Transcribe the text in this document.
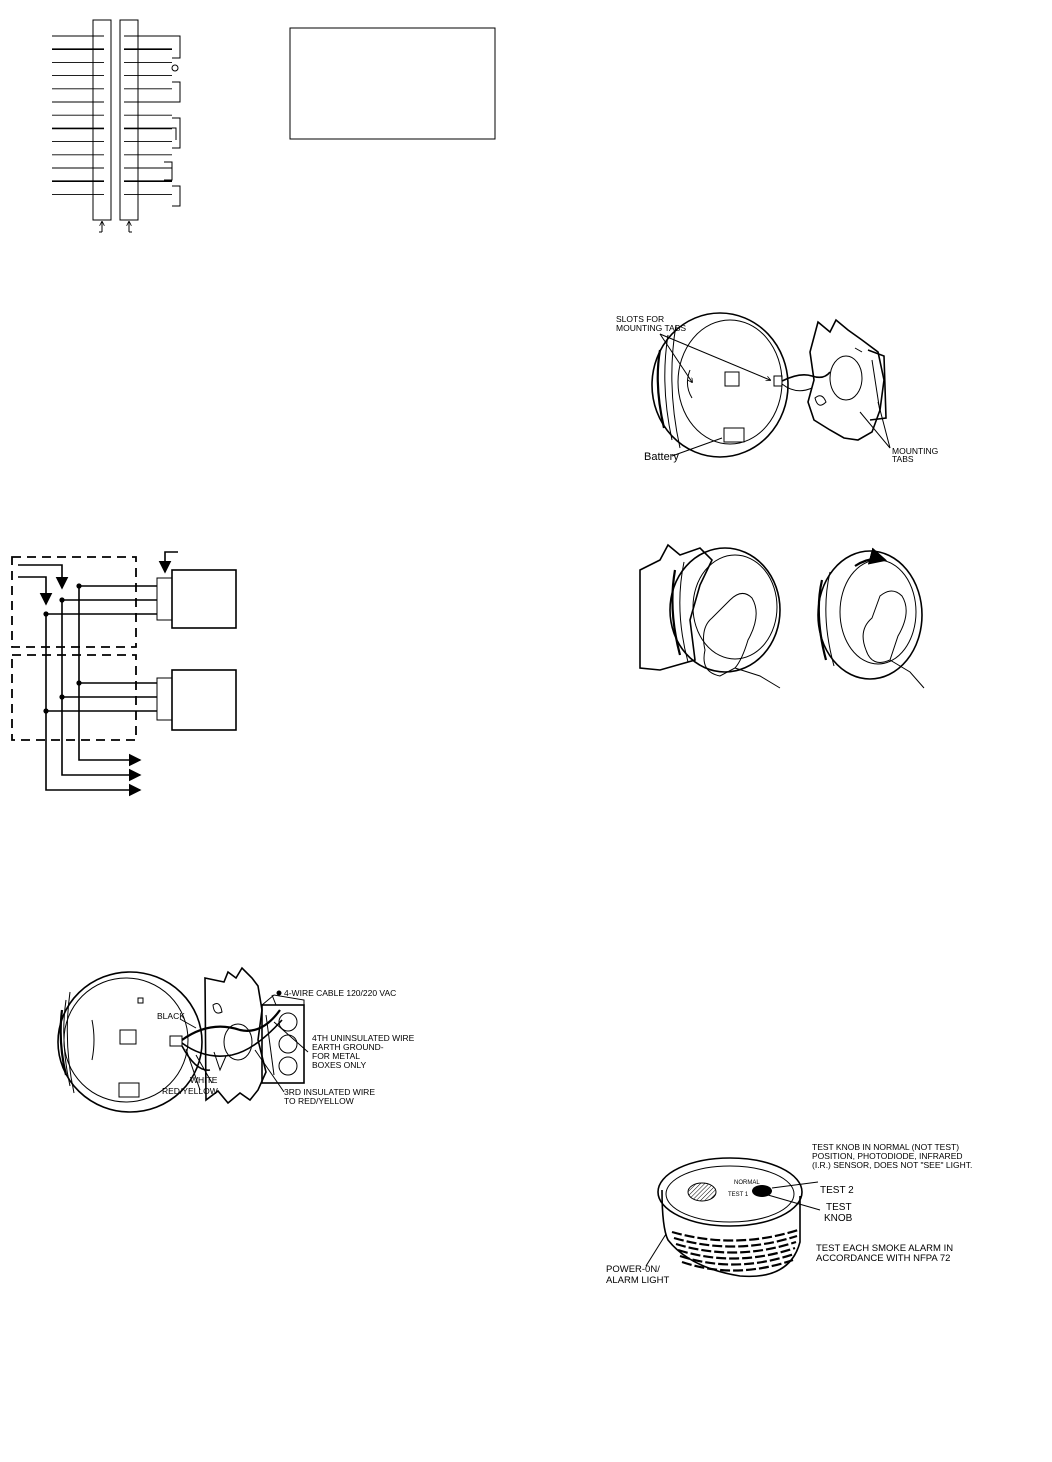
4-WIRE CABLE 120/220 VAC
BLACK
4TH UNINSULATED WIRE
EARTH GROUND-
FOR METAL
BOXES ONLY
WHITE
RED/YELLOW	3RD INSULATED WIRE
TO RED/YELLOW
SLOTS FOR
MOUNTING TABS
Battery	MOUNTING
TABS
TEST KNOB IN NORMAL (NOT TEST)
POSITION, PHOTODIODE, INFRARED
(I.R.) SENSOR, DOES NOT "SEE" LIGHT.
NORMAL
TEST 1	TEST 2
TEST
KNOB
TEST EACH SMOKE ALARM IN
ACCORDANCE WITH NFPA 72
POWER-0N/
ALARM LIGHT
